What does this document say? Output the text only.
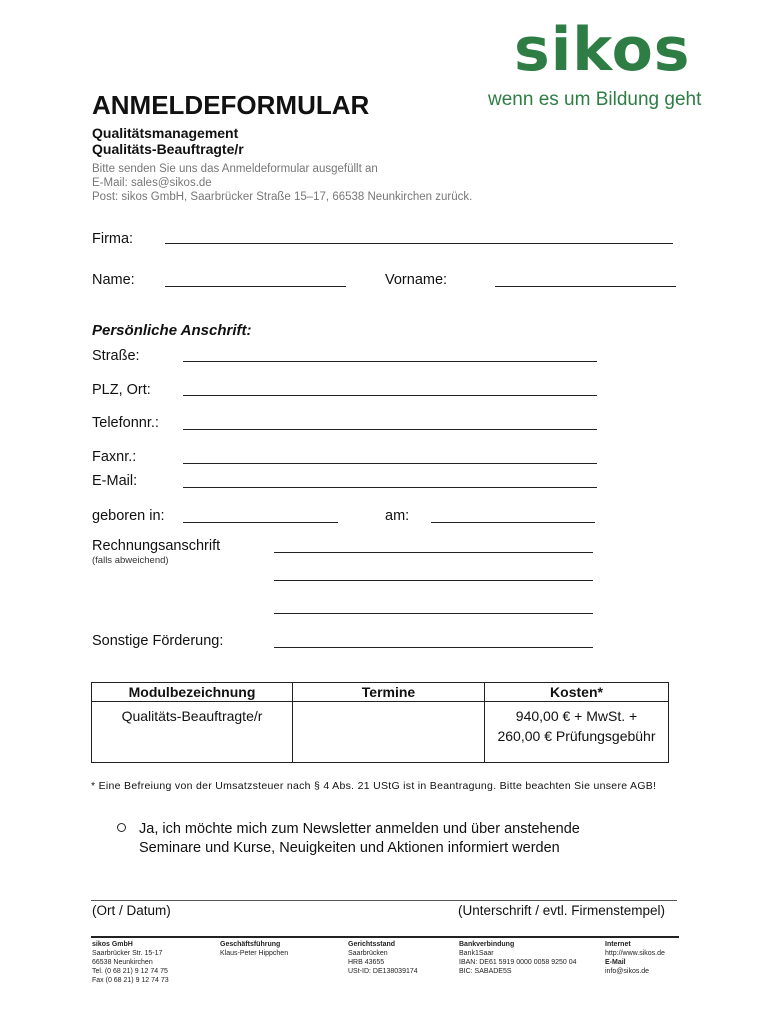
sikos
wenn es um Bildung geht
ANMELDEFORMULAR
Qualitätsmanagement
Qualitäts-Beauftragte/r
Bitte senden Sie uns das Anmeldeformular ausgefüllt an
E-Mail: sales@sikos.de
Post: sikos GmbH, Saarbrücker Straße 15–17, 66538 Neunkirchen zurück.
Firma:
Name:	Vorname:
Persönliche Anschrift:
Straße:
PLZ, Ort:
Telefonnr.:
Faxnr.:
E-Mail:
geboren in:	am:
Rechnungsanschrift
(falls abweichend)
Sonstige Förderung:
Modulbezeichnung	Termine	Kosten*
Qualitäts-Beauftragte/r		940,00 € + MwSt. +
260,00 € Prüfungsgebühr
* Eine Befreiung von der Umsatzsteuer nach § 4 Abs. 21 UStG ist in Beantragung. Bitte beachten Sie unsere AGB!
Ja, ich möchte mich zum Newsletter anmelden und über anstehende
Seminare und Kurse, Neuigkeiten und Aktionen informiert werden
(Ort / Datum)	(Unterschrift / evtl. Firmenstempel)
sikos GmbH
Saarbrücker Str. 15-17
66538 Neunkirchen
Tel. (0 68 21) 9 12 74 75
Fax (0 68 21) 9 12 74 73
Geschäftsführung
Klaus-Peter Hippchen
Gerichtsstand
Saarbrücken
HRB 43655
USt-ID: DE138039174
Bankverbindung
Bank1Saar
IBAN: DE61 5919 0000 0058 9250 04
BIC: SABADE5S
Internet
http://www.sikos.de
E-Mail
info@sikos.de
